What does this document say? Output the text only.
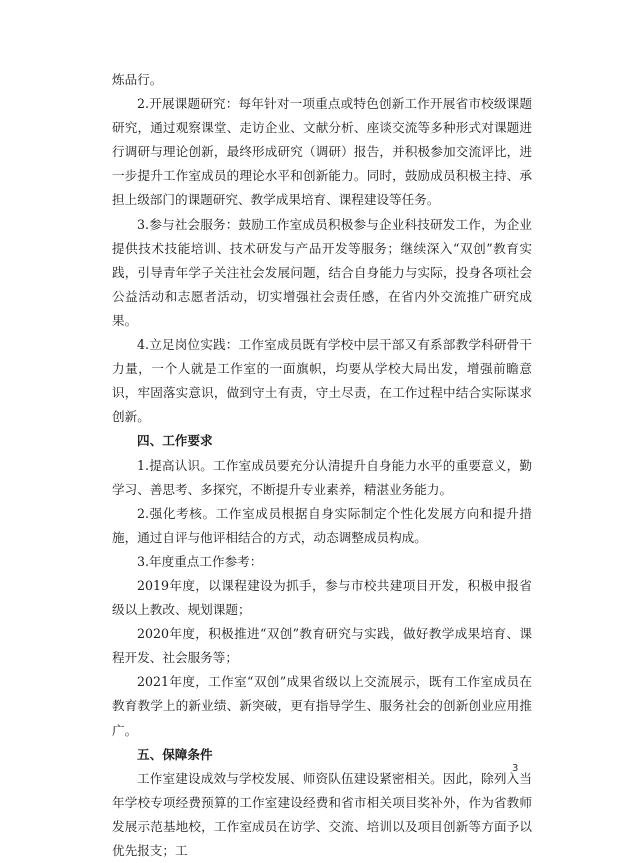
炼品行。

2.开展课题研究：每年针对一项重点或特色创新工作开展省市校级课题研究，通过观察课堂、走访企业、文献分析、座谈交流等多种形式对课题进行调研与理论创新，最终形成研究（调研）报告，并积极参加交流评比，进一步提升工作室成员的理论水平和创新能力。同时，鼓励成员积极主持、承担上级部门的课题研究、教学成果培育、课程建设等任务。

3.参与社会服务：鼓励工作室成员积极参与企业科技研发工作，为企业提供技术技能培训、技术研发与产品开发等服务；继续深入“双创”教育实践，引导青年学子关注社会发展问题，结合自身能力与实际，投身各项社会公益活动和志愿者活动，切实增强社会责任感，在省内外交流推广研究成果。

4.立足岗位实践：工作室成员既有学校中层干部又有系部教学科研骨干力量，一个人就是工作室的一面旗帜，均要从学校大局出发，增强前瞻意识，牢固落实意识，做到守土有责，守土尽责，在工作过程中结合实际谋求创新。

四、工作要求

1.提高认识。工作室成员要充分认清提升自身能力水平的重要意义，勤学习、善思考、多探究，不断提升专业素养，精湛业务能力。

2.强化考核。工作室成员根据自身实际制定个性化发展方向和提升措施，通过自评与他评相结合的方式，动态调整成员构成。

3.年度重点工作参考：

2019年度，以课程建设为抓手，参与市校共建项目开发，积极申报省级以上教改、规划课题；

2020年度，积极推进“双创”教育研究与实践，做好教学成果培育、课程开发、社会服务等；

2021年度，工作室“双创”成果省级以上交流展示，既有工作室成员在教育教学上的新业绩、新突破，更有指导学生、服务社会的创新创业应用推广。

五、保障条件

工作室建设成效与学校发展、师资队伍建设紧密相关。因此，除列入当年学校专项经费预算的工作室建设经费和省市相关项目奖补外，作为省教师发展示范基地校，工作室成员在访学、交流、培训以及项目创新等方面予以优先报支；工

3
